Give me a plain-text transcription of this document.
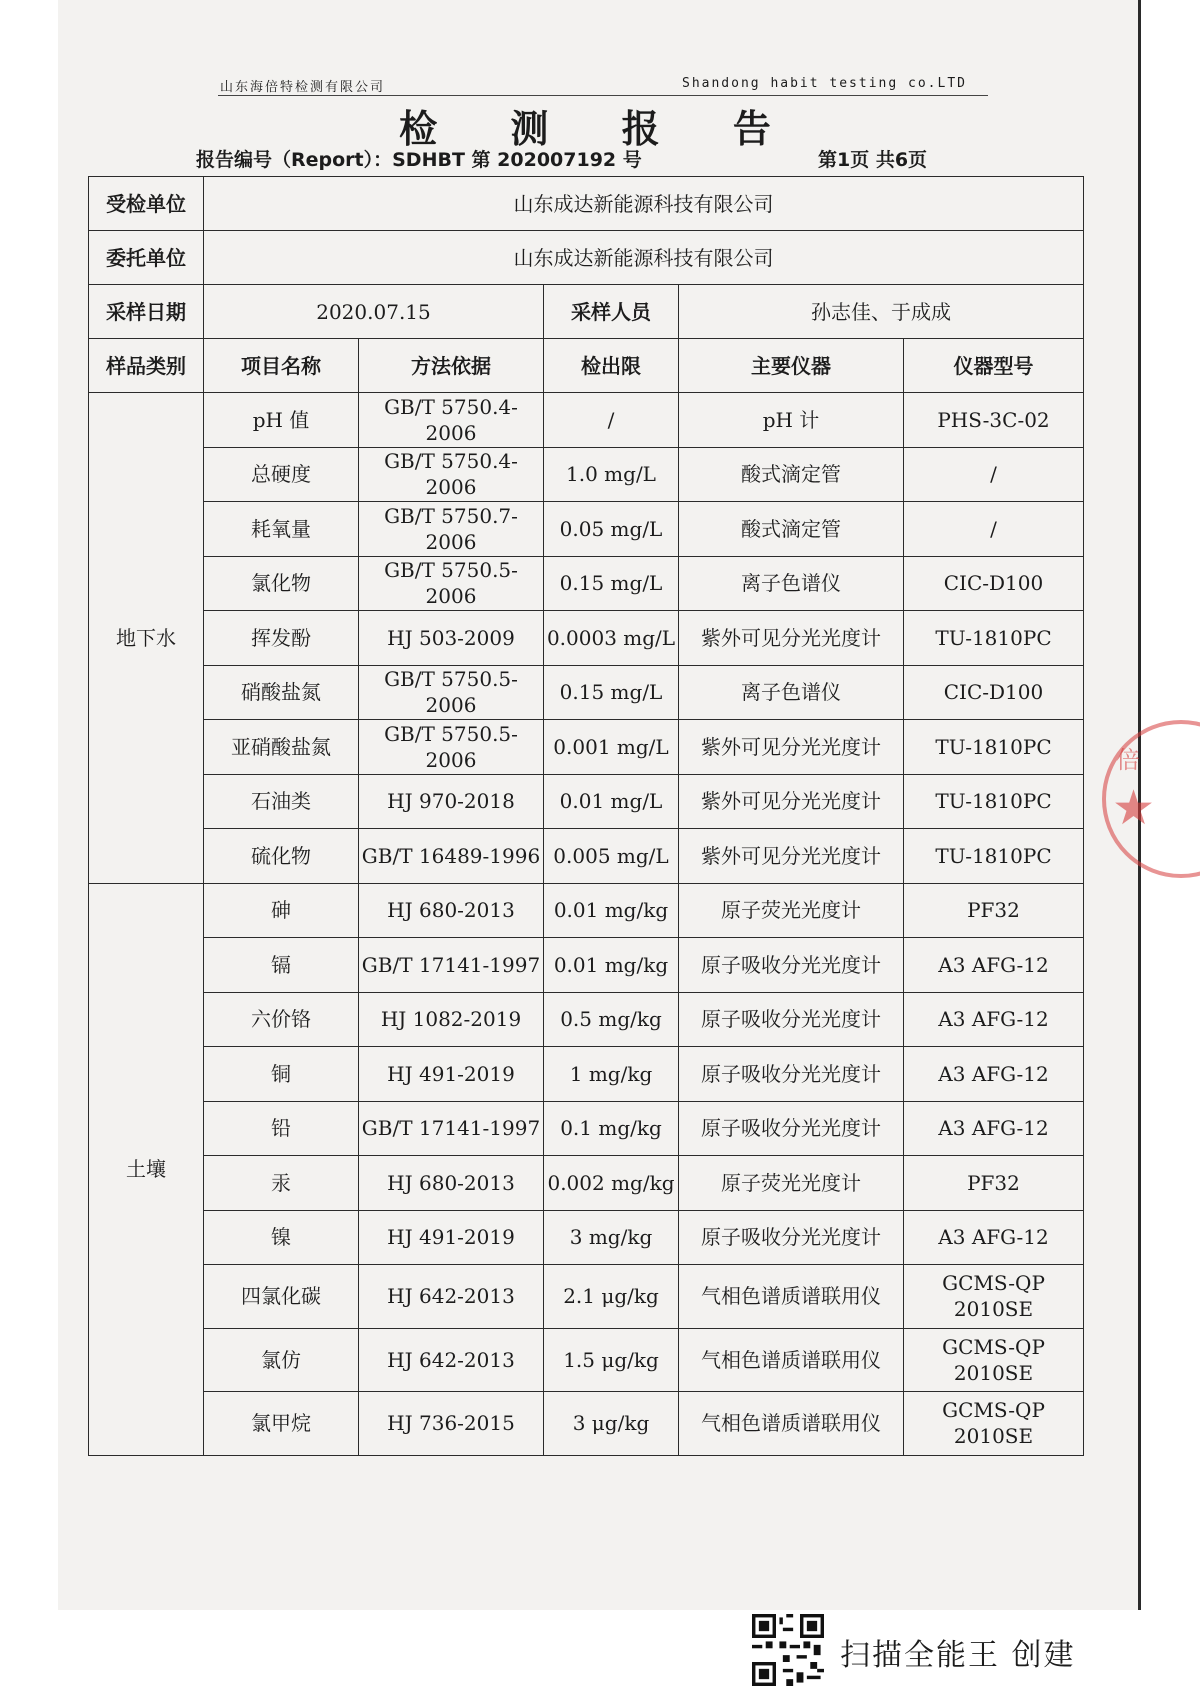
山东海倍特检测有限公司	Shandong habit testing co.LTD
检 测 报 告
报告编号（Report）：SDHBT 第 202007192 号	第1页 共6页
受检单位	山东成达新能源科技有限公司				
委托单位	山东成达新能源科技有限公司				
采样日期	2020.07.15		采样人员	孙志佳、于成成	
样品类别	项目名称	方法依据	检出限	主要仪器	仪器型号
地下水	pH 值	GB/T 5750.4-2006	/	pH 计	PHS-3C-02
	总硬度	GB/T 5750.4-2006	1.0 mg/L	酸式滴定管	/
	耗氧量	GB/T 5750.7-2006	0.05 mg/L	酸式滴定管	/
	氯化物	GB/T 5750.5-2006	0.15 mg/L	离子色谱仪	CIC-D100
	挥发酚	HJ 503-2009	0.0003 mg/L	紫外可见分光光度计	TU-1810PC
	硝酸盐氮	GB/T 5750.5-2006	0.15 mg/L	离子色谱仪	CIC-D100
	亚硝酸盐氮	GB/T 5750.5-2006	0.001 mg/L	紫外可见分光光度计	TU-1810PC
	石油类	HJ 970-2018	0.01 mg/L	紫外可见分光光度计	TU-1810PC
	硫化物	GB/T 16489-1996	0.005 mg/L	紫外可见分光光度计	TU-1810PC
土壤	砷	HJ 680-2013	0.01 mg/kg	原子荧光光度计	PF32
	镉	GB/T 17141-1997	0.01 mg/kg	原子吸收分光光度计	A3 AFG-12
	六价铬	HJ 1082-2019	0.5 mg/kg	原子吸收分光光度计	A3 AFG-12
	铜	HJ 491-2019	1 mg/kg	原子吸收分光光度计	A3 AFG-12
	铅	GB/T 17141-1997	0.1 mg/kg	原子吸收分光光度计	A3 AFG-12
	汞	HJ 680-2013	0.002 mg/kg	原子荧光光度计	PF32
	镍	HJ 491-2019	3 mg/kg	原子吸收分光光度计	A3 AFG-12
	四氯化碳	HJ 642-2013	2.1 μg/kg	气相色谱质谱联用仪	GCMS-QP 2010SE
	氯仿	HJ 642-2013	1.5 μg/kg	气相色谱质谱联用仪	GCMS-QP 2010SE
	氯甲烷	HJ 736-2015	3 μg/kg	气相色谱质谱联用仪	GCMS-QP 2010SE
倍
★
扫描全能王 创建
